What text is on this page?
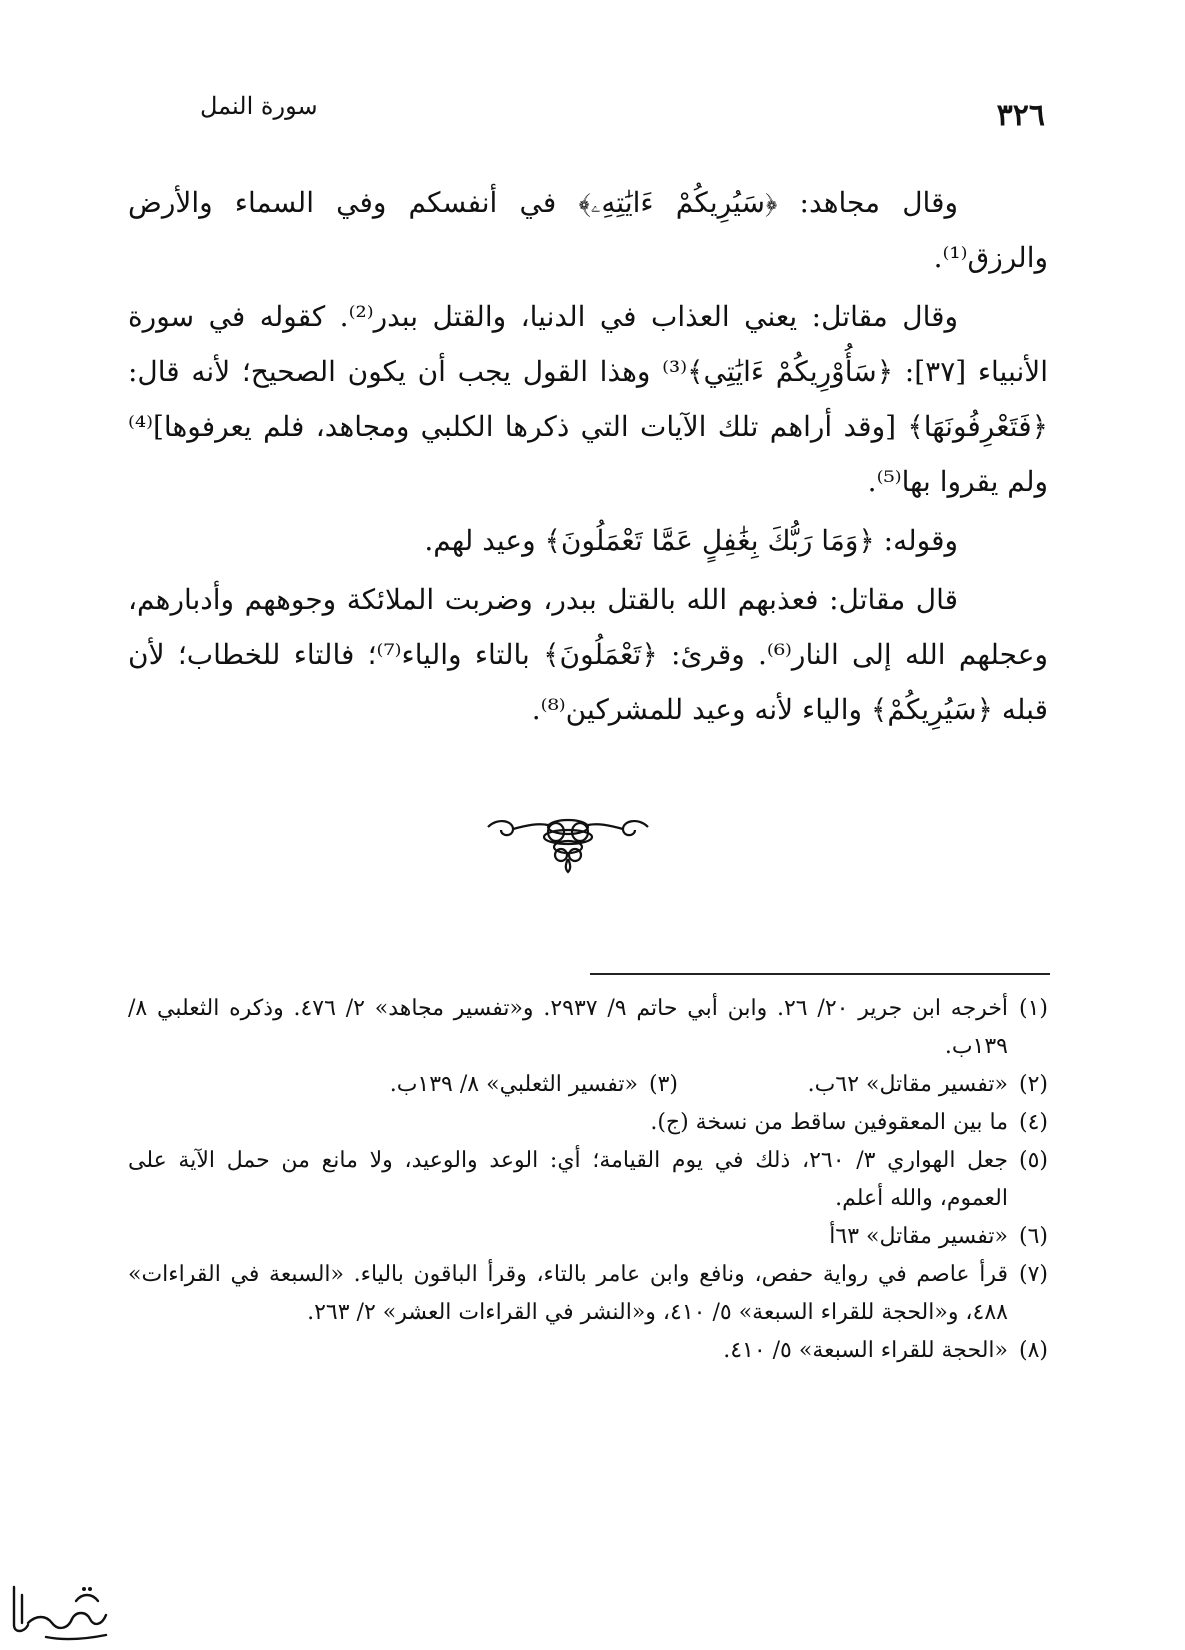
٣٢٦
سورة النمل

وقال مجاهد: ﴿سَيُرِيكُمْ ءَايَٰتِهِۦ﴾ في أنفسكم وفي السماء والأرض والرزق⁽¹⁾.

وقال مقاتل: يعني العذاب في الدنيا، والقتل ببدر⁽²⁾. كقوله في سورة الأنبياء [٣٧]: ﴿سَأُوْرِيكُمْ ءَايَٰتِي﴾⁽³⁾ وهذا القول يجب أن يكون الصحيح؛ لأنه قال: ﴿فَتَعْرِفُونَهَا﴾ [وقد أراهم تلك الآيات التي ذكرها الكلبي ومجاهد، فلم يعرفوها]⁽⁴⁾ ولم يقروا بها⁽⁵⁾.

وقوله: ﴿وَمَا رَبُّكَ بِغَٰفِلٍ عَمَّا تَعْمَلُونَ﴾ وعيد لهم.

قال مقاتل: فعذبهم الله بالقتل ببدر، وضربت الملائكة وجوههم وأدبارهم، وعجلهم الله إلى النار⁽⁶⁾. وقرئ: ﴿تَعْمَلُونَ﴾ بالتاء والياء⁽⁷⁾؛ فالتاء للخطاب؛ لأن قبله ﴿سَيُرِيكُمْ﴾ والياء لأنه وعيد للمشركين⁽⁸⁾.

(١)
أخرجه ابن جرير ٢٠/ ٢٦. وابن أبي حاتم ٩/ ٢٩٣٧. و«تفسير مجاهد» ٢/ ٤٧٦. وذكره الثعلبي ٨/ ١٣٩ب.

(٢)
«تفسير مقاتل» ٦٢ب.

(٣)
«تفسير الثعلبي» ٨/ ١٣٩ب.

(٤)
ما بين المعقوفين ساقط من نسخة (ج).

(٥)
جعل الهواري ٣/ ٢٦٠، ذلك في يوم القيامة؛ أي: الوعد والوعيد، ولا مانع من حمل الآية على العموم، والله أعلم.

(٦)
«تفسير مقاتل» ٦٣أ

(٧)
قرأ عاصم في رواية حفص، ونافع وابن عامر بالتاء، وقرأ الباقون بالياء. «السبعة في القراءات» ٤٨٨، و«الحجة للقراء السبعة» ٥/ ٤١٠، و«النشر في القراءات العشر» ٢/ ٢٦٣.

(٨)
«الحجة للقراء السبعة» ٥/ ٤١٠.
